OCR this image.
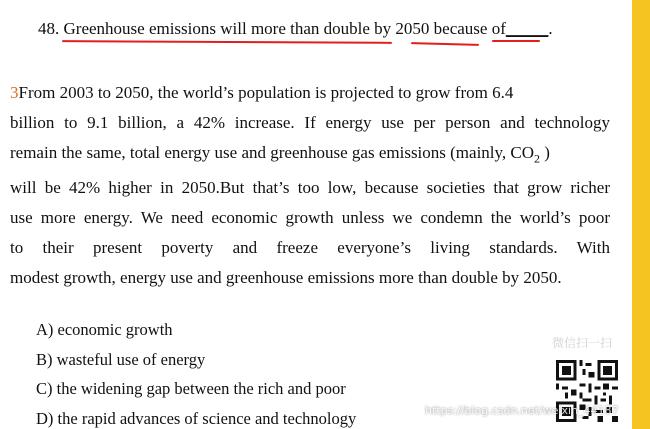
48. Greenhouse emissions will more than double by 2050 because of_____.
3From 2003 to 2050, the world’s population is projected to grow from 6.4
billion to 9.1 billion, a 42% increase. If energy use per person and technology
remain the same, total energy use and greenhouse gas emissions (mainly, $CO_2$ )
will be 42% higher in 2050.But that’s too low, because societies that grow richer
use more energy. We need economic growth unless we condemn the world’s poor
to their present poverty and freeze everyone’s living standards. With
modest growth, energy use and greenhouse emissions more than double by 2050.
A) economic growth
B) wasteful use of energy
C) the widening gap between the rich and poor
D) the rapid advances of science and technology
微信扫一扫
https://blog.csdn.net/weixin_44187
